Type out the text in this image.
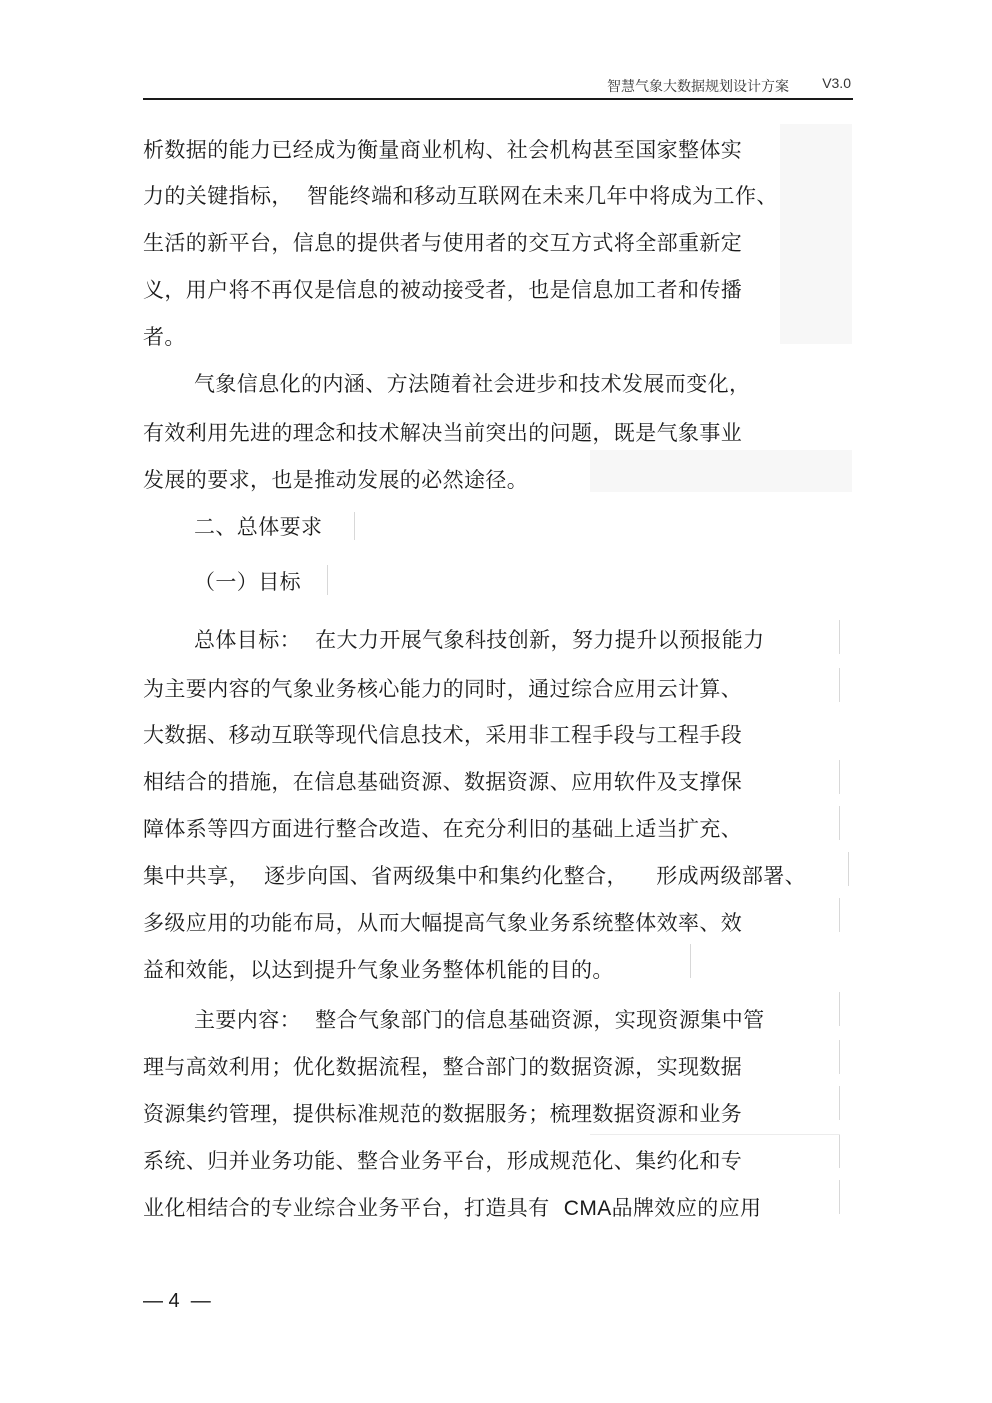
智慧气象大数据规划设计方案 V3.0
析数据的能力已经成为衡量商业机构、社会机构甚至国家整体实
力的关键指标，  智能终端和移动互联网在未来几年中将成为工作、
生活的新平台，信息的提供者与使用者的交互方式将全部重新定
义，用户将不再仅是信息的被动接受者，也是信息加工者和传播
者。
气象信息化的内涵、方法随着社会进步和技术发展而变化，
有效利用先进的理念和技术解决当前突出的问题，既是气象事业
发展的要求，也是推动发展的必然途径。
二、总体要求
（一）目标
总体目标：  在大力开展气象科技创新，努力提升以预报能力
为主要内容的气象业务核心能力的同时，通过综合应用云计算、
大数据、移动互联等现代信息技术，采用非工程手段与工程手段
相结合的措施，在信息基础资源、数据资源、应用软件及支撑保
障体系等四方面进行整合改造、在充分利旧的基础上适当扩充、
集中共享，  逐步向国、省两级集中和集约化整合，    形成两级部署、
多级应用的功能布局，从而大幅提高气象业务系统整体效率、效
益和效能，以达到提升气象业务整体机能的目的。
主要内容：  整合气象部门的信息基础资源，实现资源集中管
理与高效利用；优化数据流程，整合部门的数据资源，实现数据
资源集约管理，提供标准规范的数据服务；梳理数据资源和业务
系统、归并业务功能、整合业务平台，形成规范化、集约化和专
业化相结合的专业综合业务平台，打造具有  CMA品牌效应的应用
— 4  —
